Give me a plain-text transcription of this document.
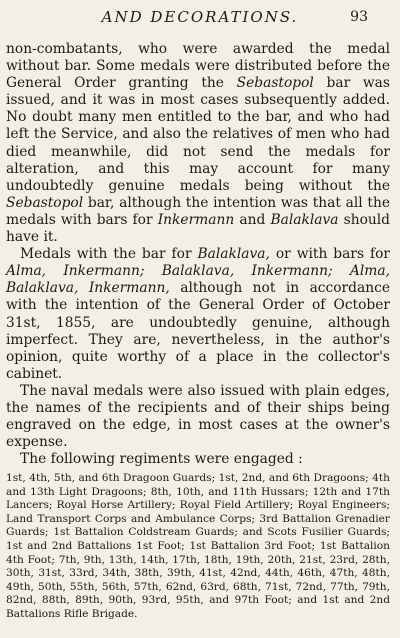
AND DECORATIONS.	93

non-combatants, who were awarded the medal without bar. Some medals were distributed before the General Order granting the Sebastopol bar was issued, and it was in most cases subsequently added. No doubt many men entitled to the bar, and who had left the Service, and also the relatives of men who had died meanwhile, did not send the medals for alteration, and this may account for many undoubtedly genuine medals being without the Sebastopol bar, although the intention was that all the medals with bars for Inkermann and Balaklava should have it.

Medals with the bar for Balaklava, or with bars for Alma, Inkermann; Balaklava, Inkermann; Alma, Balaklava, Inkermann, although not in accordance with the intention of the General Order of October 31st, 1855, are undoubtedly genuine, although imperfect. They are, nevertheless, in the author's opinion, quite worthy of a place in the collector's cabinet.

The naval medals were also issued with plain edges, the names of the recipients and of their ships being engraved on the edge, in most cases at the owner's expense.

The following regiments were engaged :

1st, 4th, 5th, and 6th Dragoon Guards; 1st, 2nd, and 6th Dragoons; 4th and 13th Light Dragoons; 8th, 10th, and 11th Hussars; 12th and 17th Lancers; Royal Horse Artillery; Royal Field Artillery; Royal Engineers; Land Transport Corps and Ambulance Corps; 3rd Battalion Grenadier Guards; 1st Battalion Coldstream Guards; and Scots Fusilier Guards; 1st and 2nd Battalions 1st Foot; 1st Battalion 3rd Foot; 1st Battalion 4th Foot; 7th, 9th, 13th, 14th, 17th, 18th, 19th, 20th, 21st, 23rd, 28th, 30th, 31st, 33rd, 34th, 38th, 39th, 41st, 42nd, 44th, 46th, 47th, 48th, 49th, 50th, 55th, 56th, 57th, 62nd, 63rd, 68th, 71st, 72nd, 77th, 79th, 82nd, 88th, 89th, 90th, 93rd, 95th, and 97th Foot; and 1st and 2nd Battalions Rifle Brigade.
